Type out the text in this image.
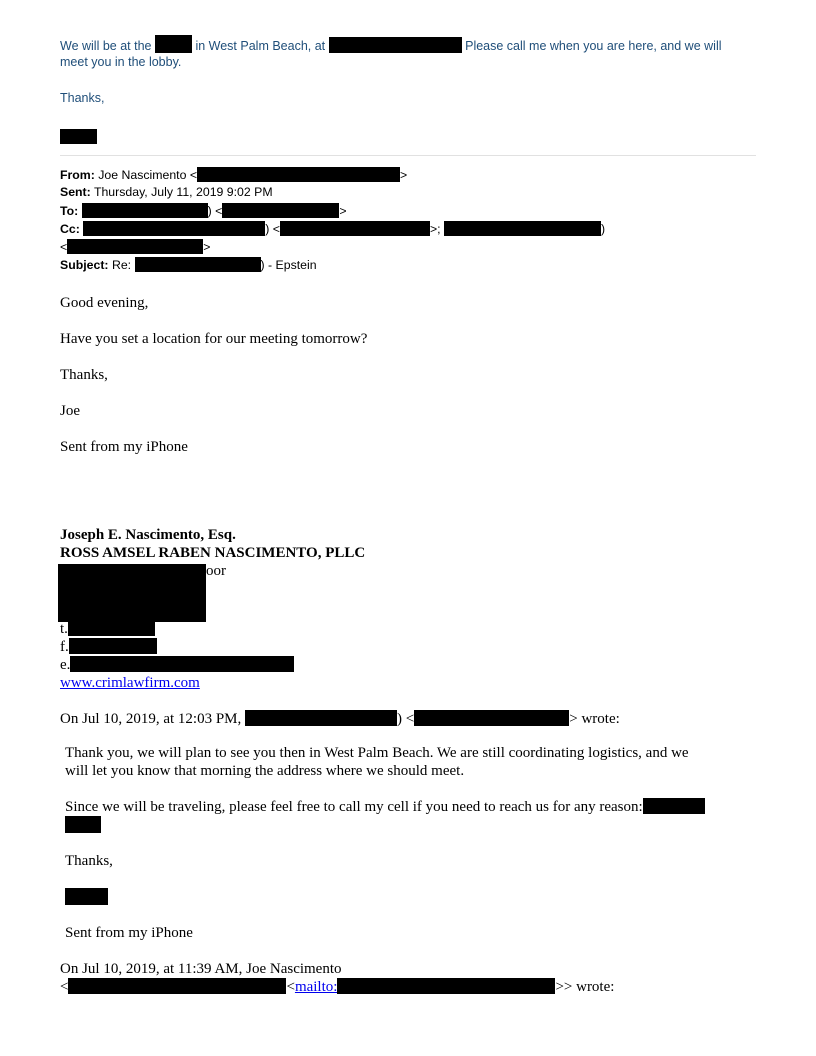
We will be at the	in West Palm Beach, at	Please call me when you are here, and we will
meet you in the lobby.
Thanks,
From: Joe Nascimento <	>
Sent: Thursday, July 11, 2019 9:02 PM
To:	) <	>
Cc:	) <	>;	)
<	>
Subject: Re:	) - Epstein
Good evening,
Have you set a location for our meeting tomorrow?
Thanks,
Joe
Sent from my iPhone
Joseph E. Nascimento, Esq.
ROSS AMSEL RABEN NASCIMENTO, PLLC
oor
t.
f.
e.
www.crimlawfirm.com
On Jul 10, 2019, at 12:03 PM,	) <	> wrote:
Thank you, we will plan to see you then in West Palm Beach. We are still coordinating logistics, and we
will let you know that morning the address where we should meet.
Since we will be traveling, please feel free to call my cell if you need to reach us for any reason:
Thanks,
Sent from my iPhone
On Jul 10, 2019, at 11:39 AM, Joe Nascimento
<	<mailto:	>> wrote:
